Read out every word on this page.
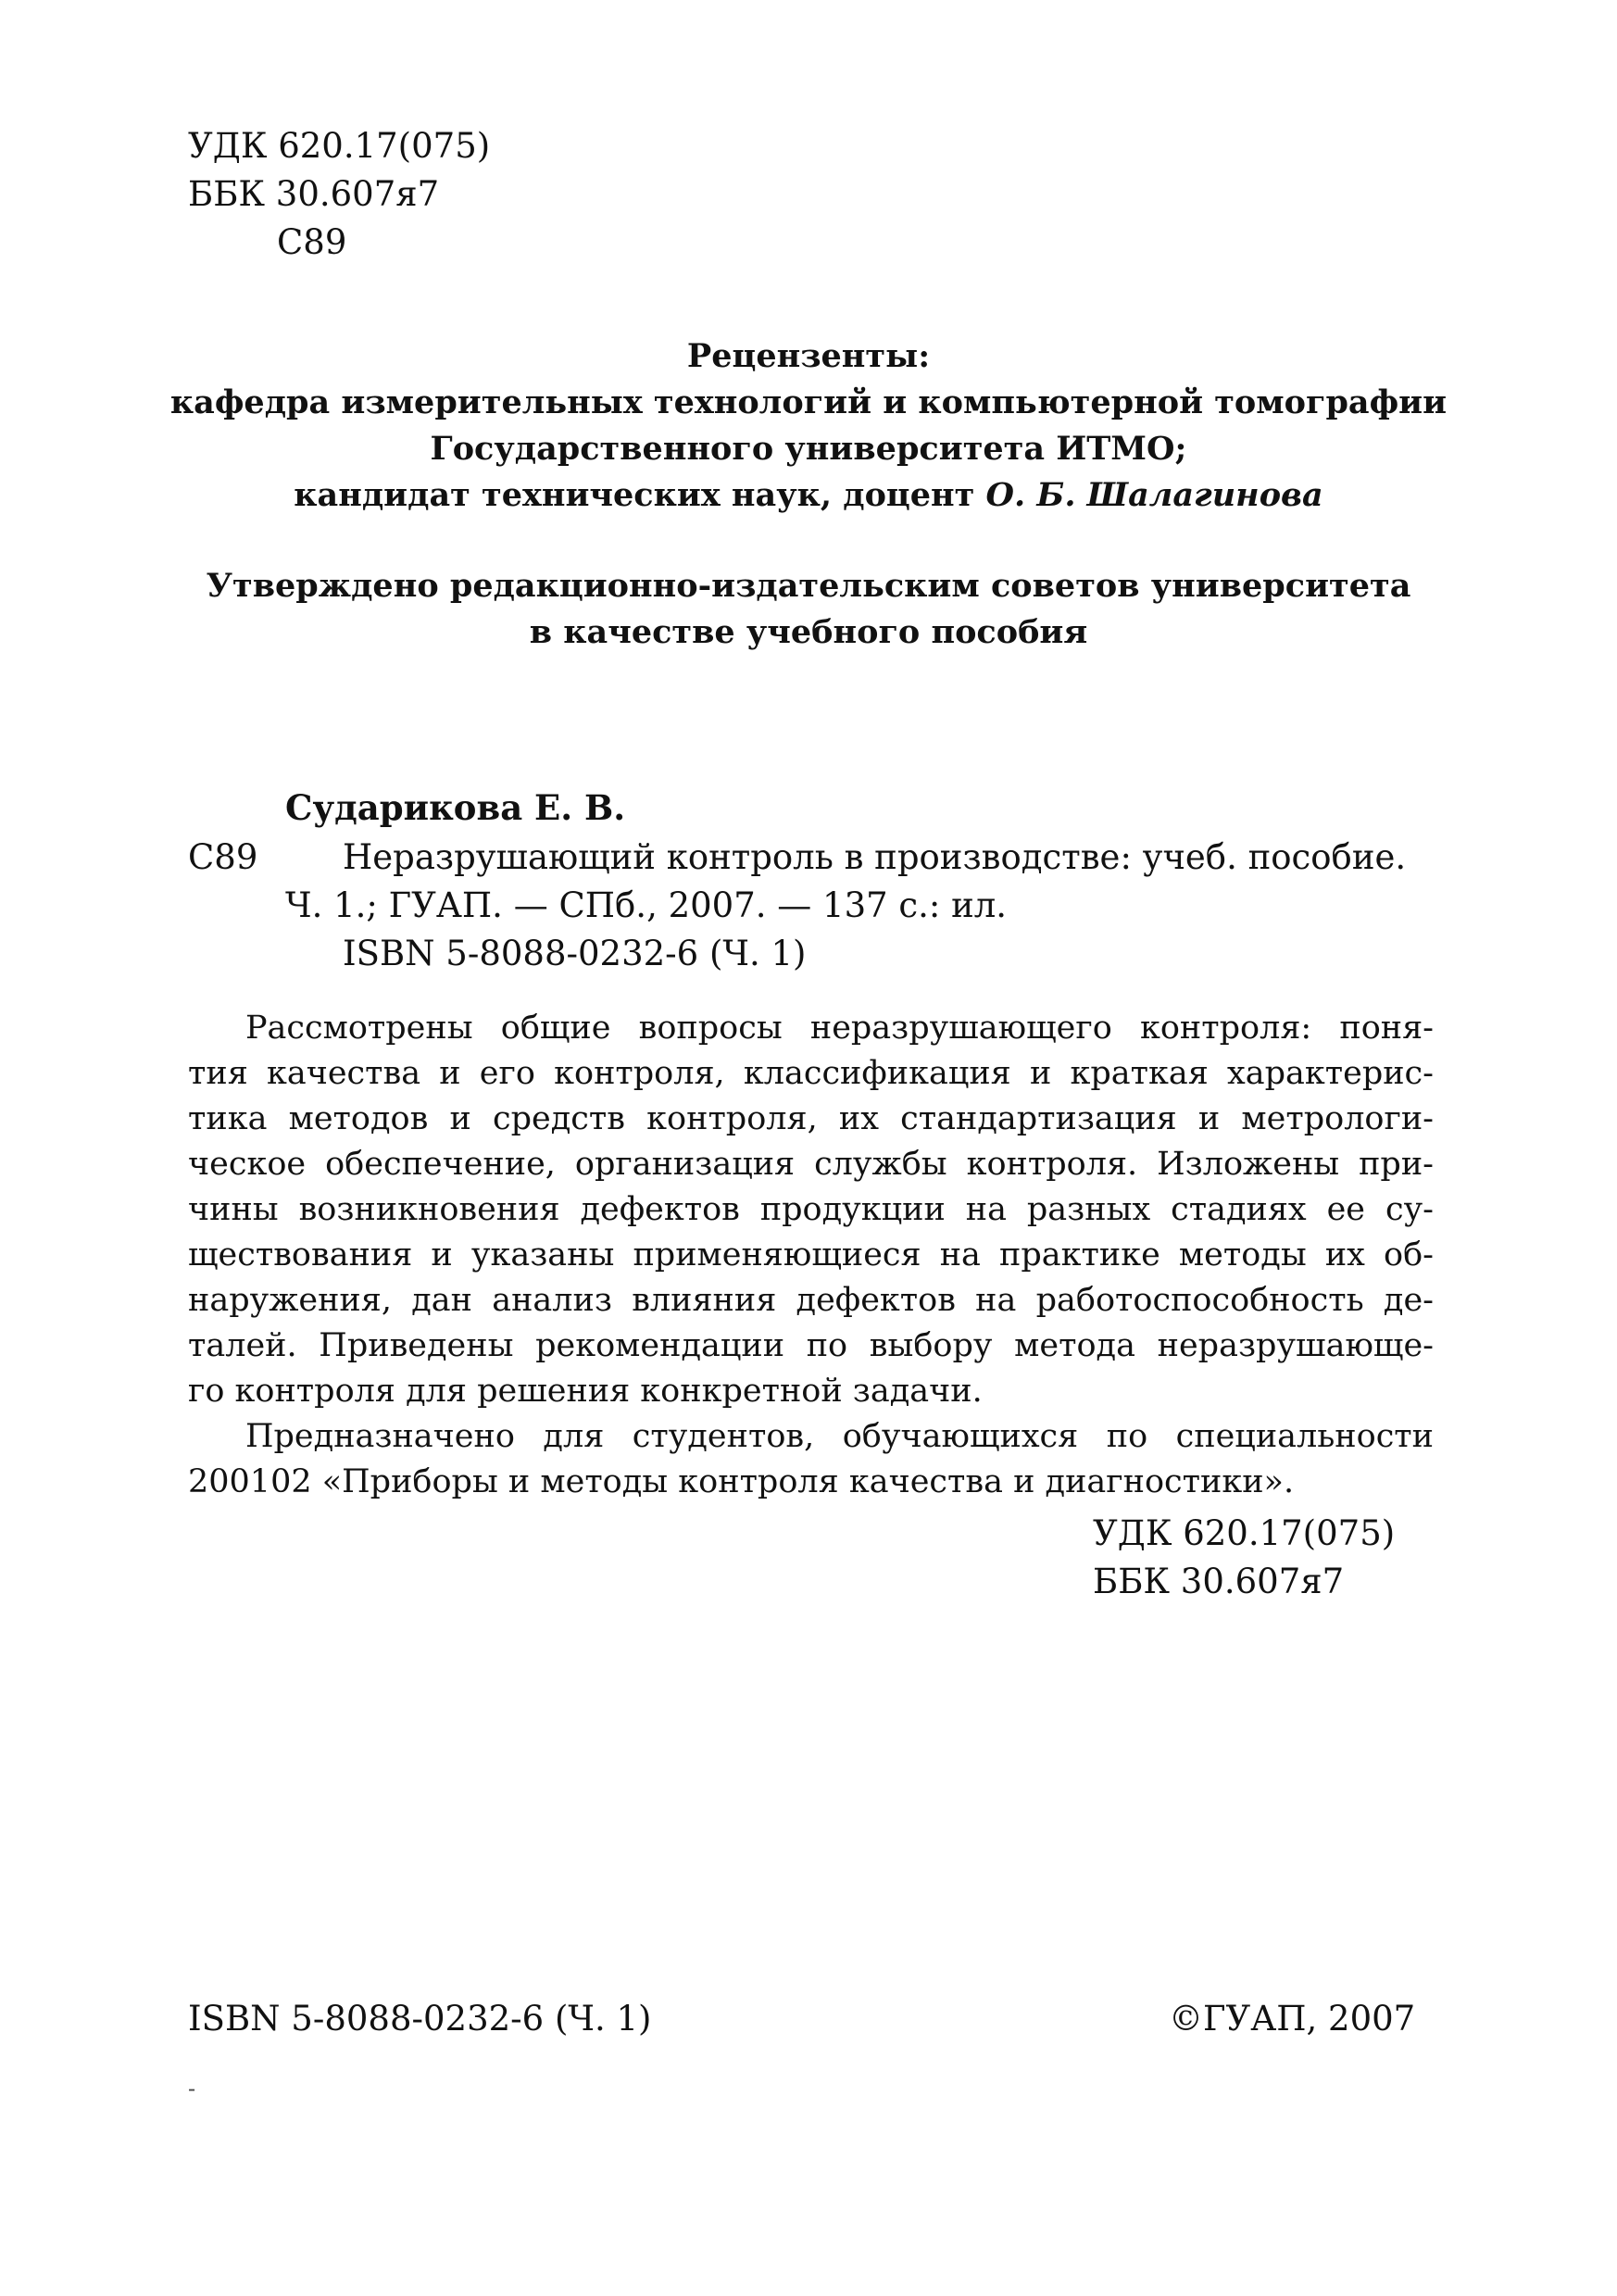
УДК 620.17(075)
ББК 30.607я7
С89
Рецензенты:
кафедра измерительных технологий и компьютерной томографии
Государственного университета ИТМО;
кандидат технических наук, доцент О. Б. Шалагинова
Утверждено редакционно-издательским советов университета
в качестве учебного пособия
Сударикова Е. В.
С89 Неразрушающий контроль в производстве: учеб. пособие.
Ч. 1.; ГУАП. — СПб., 2007. — 137 с.: ил.
ISBN 5-8088-0232-6 (Ч. 1)
Рассмотрены общие вопросы неразрушающего контроля: поня-
тия качества и его контроля, классификация и краткая характерис-
тика методов и средств контроля, их стандартизация и метрологи-
ческое обеспечение, организация службы контроля. Изложены при-
чины возникновения дефектов продукции на разных стадиях ее су-
ществования и указаны применяющиеся на практике методы их об-
наружения, дан анализ влияния дефектов на работоспособность де-
талей. Приведены рекомендации по выбору метода неразрушающе-
го контроля для решения конкретной задачи.
Предназначено для студентов, обучающихся по специальности
200102 «Приборы и методы контроля качества и диагностики».
УДК 620.17(075)
ББК 30.607я7
ISBN 5-8088-0232-6 (Ч. 1)	©ГУАП, 2007
-
